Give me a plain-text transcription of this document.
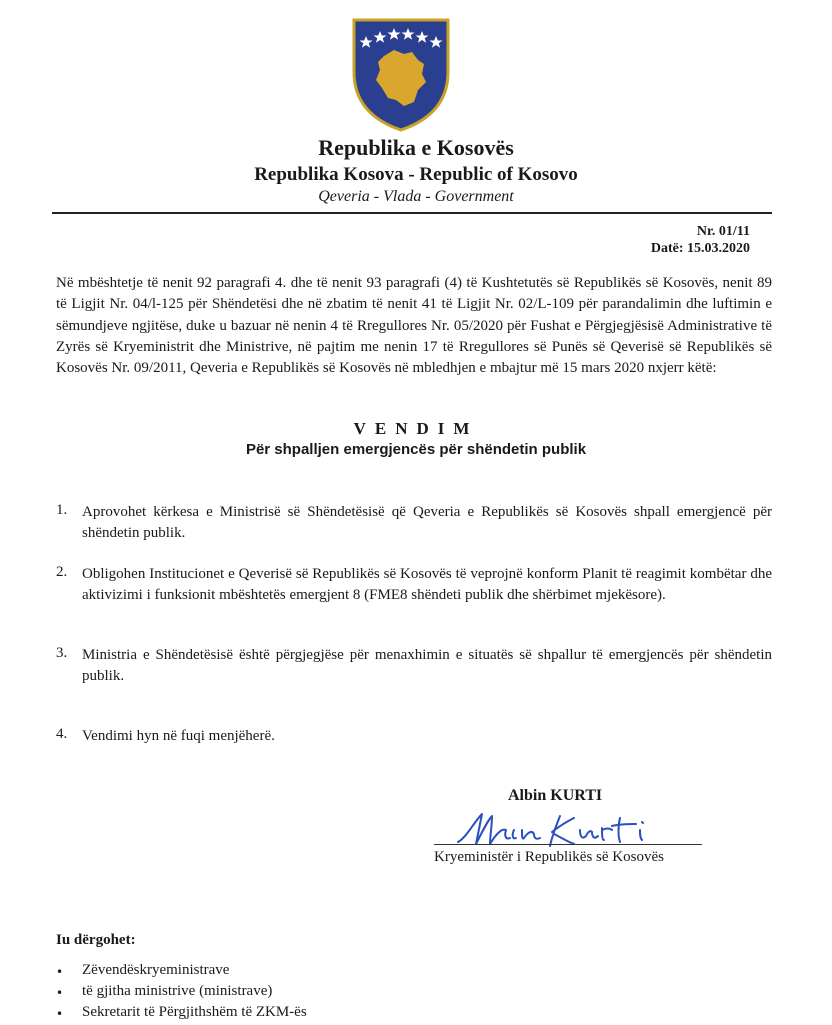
Republika e Kosovës
Republika Kosova - Republic of Kosovo
Qeveria - Vlada - Government
Nr. 01/11
Datë: 15.03.2020
Në mbështetje të nenit 92 paragrafi 4. dhe të nenit 93 paragrafi (4) të Kushtetutës së Republikës së Kosovës, nenit 89 të Ligjit Nr. 04/l-125 për Shëndetësi dhe në zbatim të nenit 41 të Ligjit Nr. 02/L-109 për parandalimin dhe luftimin e sëmundjeve ngjitëse, duke u bazuar në nenin 4 të Rregullores Nr. 05/2020 për Fushat e Përgjegjësisë Administrative të Zyrës së Kryeministrit dhe Ministrive, në pajtim me nenin 17 të Rregullores së Punës së Qeverisë së Republikës së Kosovës Nr. 09/2011, Qeveria e Republikës së Kosovës në mbledhjen e mbajtur më 15 mars 2020 nxjerr këtë:
VENDIM
Për shpalljen emergjencës për shëndetin publik
1. Aprovohet kërkesa e Ministrisë së Shëndetësisë që Qeveria e Republikës së Kosovës shpall emergjencë për shëndetin publik.
2. Obligohen Institucionet e Qeverisë së Republikës së Kosovës të veprojnë konform Planit të reagimit kombëtar dhe aktivizimi i funksionit mbështetës emergjent 8 (FME8 shëndeti publik dhe shërbimet mjekësore).
3. Ministria e Shëndetësisë është përgjegjëse për menaxhimin e situatës së shpallur të emergjencës për shëndetin publik.
4. Vendimi hyn në fuqi menjëherë.
Albin KURTI
Kryeministër i Republikës së Kosovës
Iu dërgohet:
•	Zëvendëskryeministrave
•	të gjitha ministrive (ministrave)
•	Sekretarit të Përgjithshëm të ZKM-ës
